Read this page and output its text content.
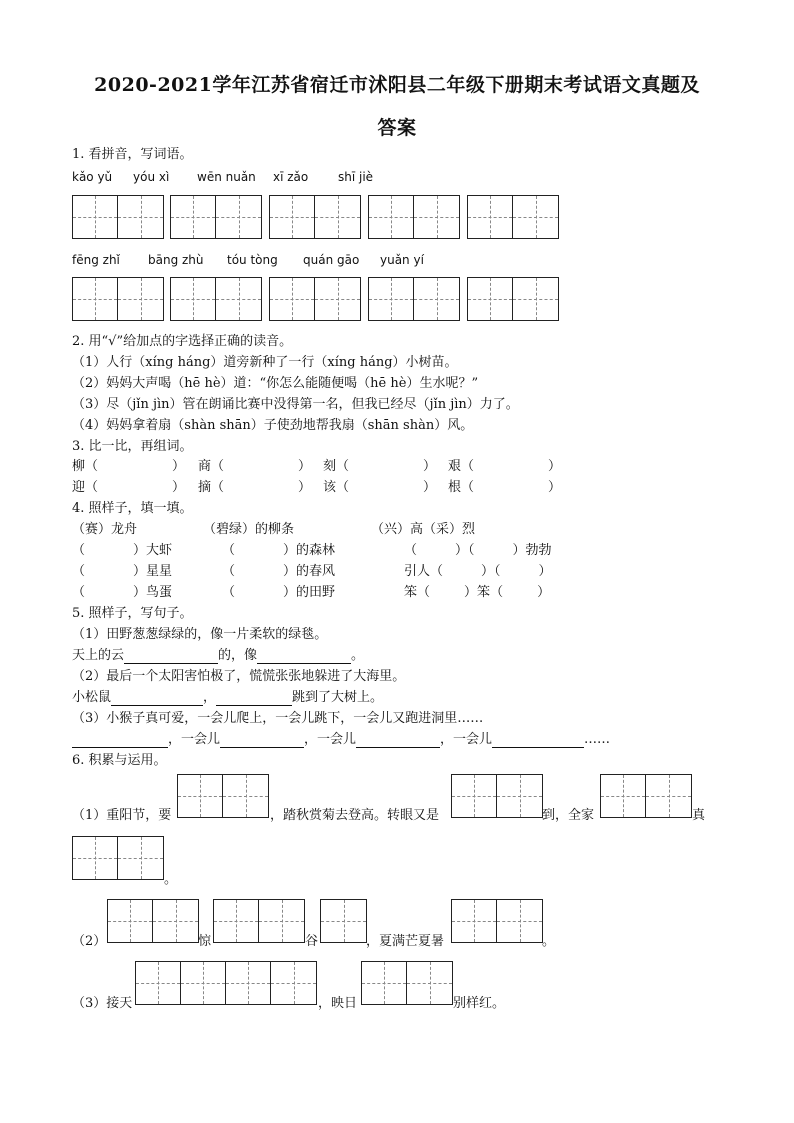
2020-2021学年江苏省宿迁市沭阳县二年级下册期末考试语文真题及
答案
1. 看拼音，写词语。
kǎo yǔ yóu xì wēn nuǎn xī zǎo shī jiè
fēng zhǐ bāng zhù tóu tòng quán gāo yuǎn yí
2. 用“√”给加点的字选择正确的读音。
（1）人行（xíng háng）道旁新种了一行（xíng háng）小树苗。
（2）妈妈大声喝（hē hè）道：“你怎么能随便喝（hē hè）生水呢？”
（3）尽（jǐn jìn）管在朗诵比赛中没得第一名，但我已经尽（jǐn jìn）力了。
（4）妈妈拿着扇（shàn shān）子使劲地帮我扇（shān shàn）风。
3. 比一比，再组词。
柳（	） 商（	） 刻（	） 艰（	）
迎（	） 摘（	） 该（	） 根（	）
4. 照样子，填一填。
（赛）龙舟	（碧绿）的柳条	（兴）高（采）烈
（	）大虾	（	）的森林	（	）（	）勃勃
（	）星星	（	）的春风	引人（	）（	）
（	）鸟蛋	（	）的田野	笨（	）笨（	）
5. 照样子，写句子。
（1）田野葱葱绿绿的，像一片柔软的绿毯。
天上的云	的，像	。
（2）最后一个太阳害怕极了，慌慌张张地躲进了大海里。
小松鼠	，	跳到了大树上。
（3）小猴子真可爱，一会儿爬上，一会儿跳下，一会儿又跑进洞里……
，一会儿	，一会儿	，一会儿	……
6. 积累与运用。
（1）重阳节，要	，踏秋赏菊去登高。转眼又是	到，全家	真
。
（2）	惊	谷	，夏满芒夏暑	。
（3）接天	，映日	别样红。
